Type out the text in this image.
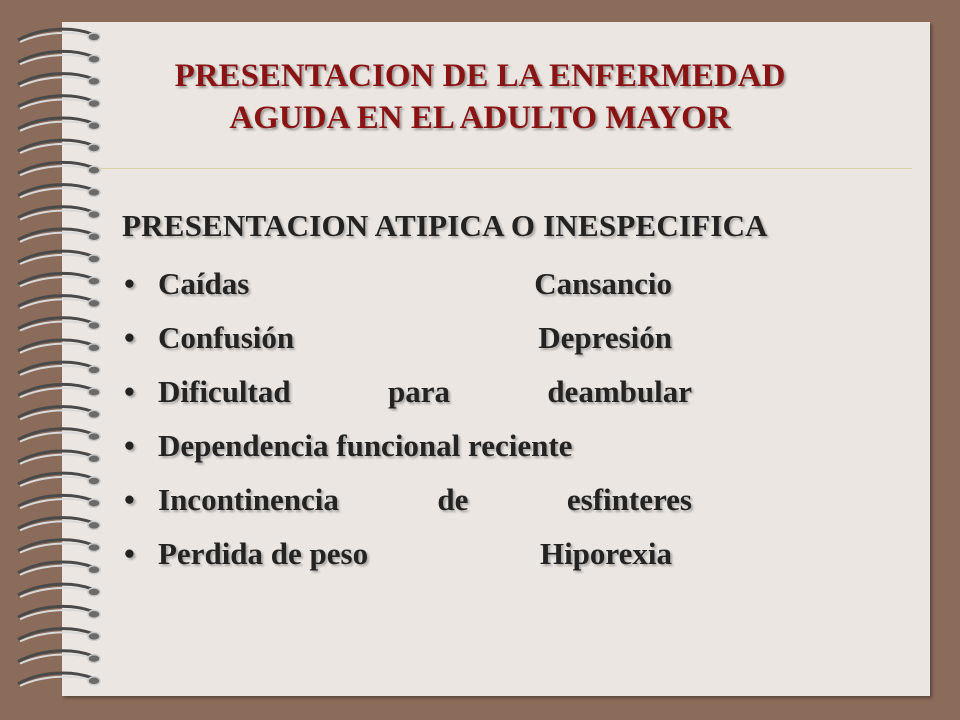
PRESENTACION DE LA ENFERMEDAD
AGUDA EN EL ADULTO MAYOR
PRESENTACION ATIPICA O INESPECIFICA
• Caídas	Cansancio
• Confusión	Depresión
• Dificultad	para	deambular
• Dependencia funcional reciente
• Incontinencia	de	esfinteres
• Perdida de peso	Hiporexia
